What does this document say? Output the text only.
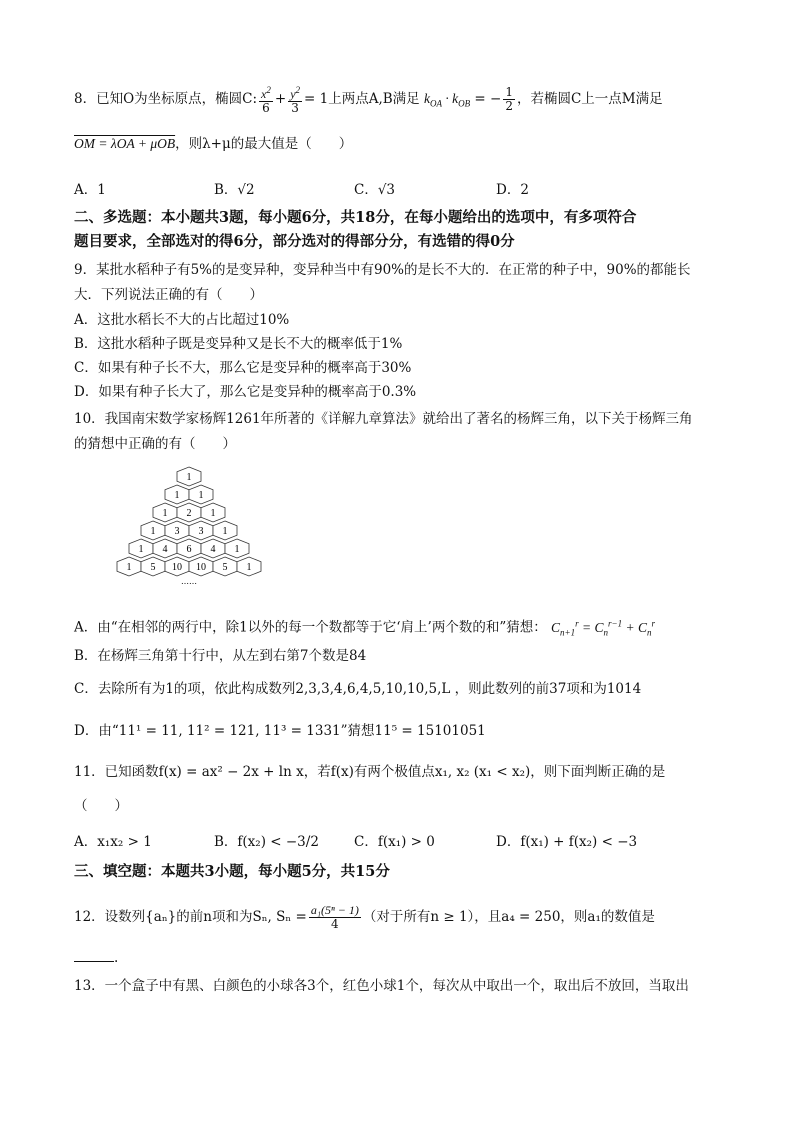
8．已知O为坐标原点，椭圆C: $\frac{x^2}{6} + \frac{y^2}{3} = 1$上两点A,B满足 $k_{OA} \cdot k_{OB}$ = − $\frac{1}{2}$ ，若椭圆C上一点M满足
OM = λOA + μOB，则λ+μ的最大值是（　　）
A．1	B．√2	C．√3	D．2
二、多选题：本小题共3题，每小题6分，共18分，在每小题给出的选项中，有多项符合
题目要求，全部选对的得6分，部分选对的得部分分，有选错的得0分
9．某批水稻种子有5%的是变异种，变异种当中有90%的是长不大的．在正常的种子中，90%的都能长
大．下列说法正确的有（　　）
A．这批水稻长不大的占比超过10%
B．这批水稻种子既是变异种又是长不大的概率低于1%
C．如果有种子长不大，那么它是变异种的概率高于30%
D．如果有种子长大了，那么它是变异种的概率高于0.3%
10．我国南宋数学家杨辉1261年所著的《详解九章算法》就给出了著名的杨辉三角，以下关于杨辉三角
的猜想中正确的有（　　）
1
1 1
1 2 1
1 3 3 1
1 4 6 4 1
1 5 10 10 5 1
……
A．由“在相邻的两行中，除1以外的每一个数都等于它‘肩上’两个数的和”猜想： $C_{n+1}^r = C_n^{r-1} + C_n^r$
B．在杨辉三角第十行中，从左到右第7个数是84
C．去除所有为1的项，依此构成数列2,3,3,4,6,4,5,10,10,5,L ，则此数列的前37项和为1014
D．由“11¹ = 11, 11² = 121, 11³ = 1331”猜想11⁵ = 15101051
11．已知函数f(x) = ax² − 2x + ln x，若f(x)有两个极值点x₁, x₂ (x₁ < x₂)，则下面判断正确的是
（　　）
A．x₁x₂ > 1	B．f(x₂) < −3/2	C．f(x₁) > 0	D．f(x₁) + f(x₂) < −3
三、填空题：本题共3小题，每小题5分，共15分
12．设数列{aₙ}的前n项和为Sₙ, $S_n = \frac{\text{a₁(5ⁿ − 1)}}{4}$ （对于所有n ≥ 1），且a₄ = 250，则a₁的数值是
.
13．一个盒子中有黑、白颜色的小球各3个，红色小球1个，每次从中取出一个，取出后不放回，当取出
